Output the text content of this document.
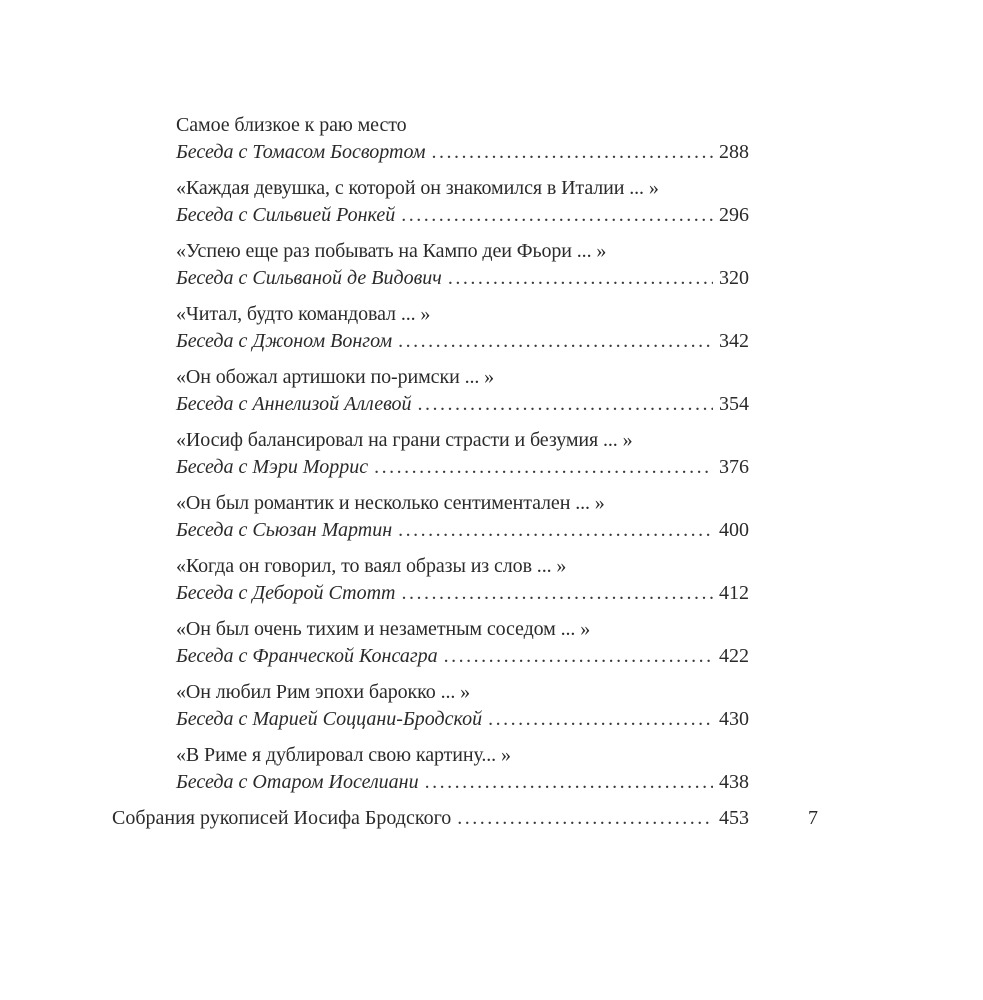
Самое близкое к раю место
Беседа с Томасом Босвортом .....	288
«Каждая девушка, с которой он знакомился в Италии ... »
Беседа с Сильвией Ронкей .....	296
«Успею еще раз побывать на Кампо деи Фьори ... »
Беседа с Сильваной де Видович .....	320
«Читал, будто командовал ... »
Беседа с Джоном Вонгом .....	342
«Он обожал артишоки по-римски ... »
Беседа с Аннелизой Аллевой .....	354
«Иосиф балансировал на грани страсти и безумия ... »
Беседа с Мэри Моррис .....	376
«Он был романтик и несколько сентиментален ... »
Беседа с Сьюзан Мартин .....	400
«Когда он говорил, то ваял образы из слов ... »
Беседа с Деборой Стотт .....	412
«Он был очень тихим и незаметным соседом ... »
Беседа с Франческой Консагра .....	422
«Он любил Рим эпохи барокко ... »
Беседа с Марией Соццани-Бродской .....	430
«В Риме я дублировал свою картину... »
Беседа с Отаром Иоселиани .....	438
Собрания рукописей Иосифа Бродского .....	453	7
